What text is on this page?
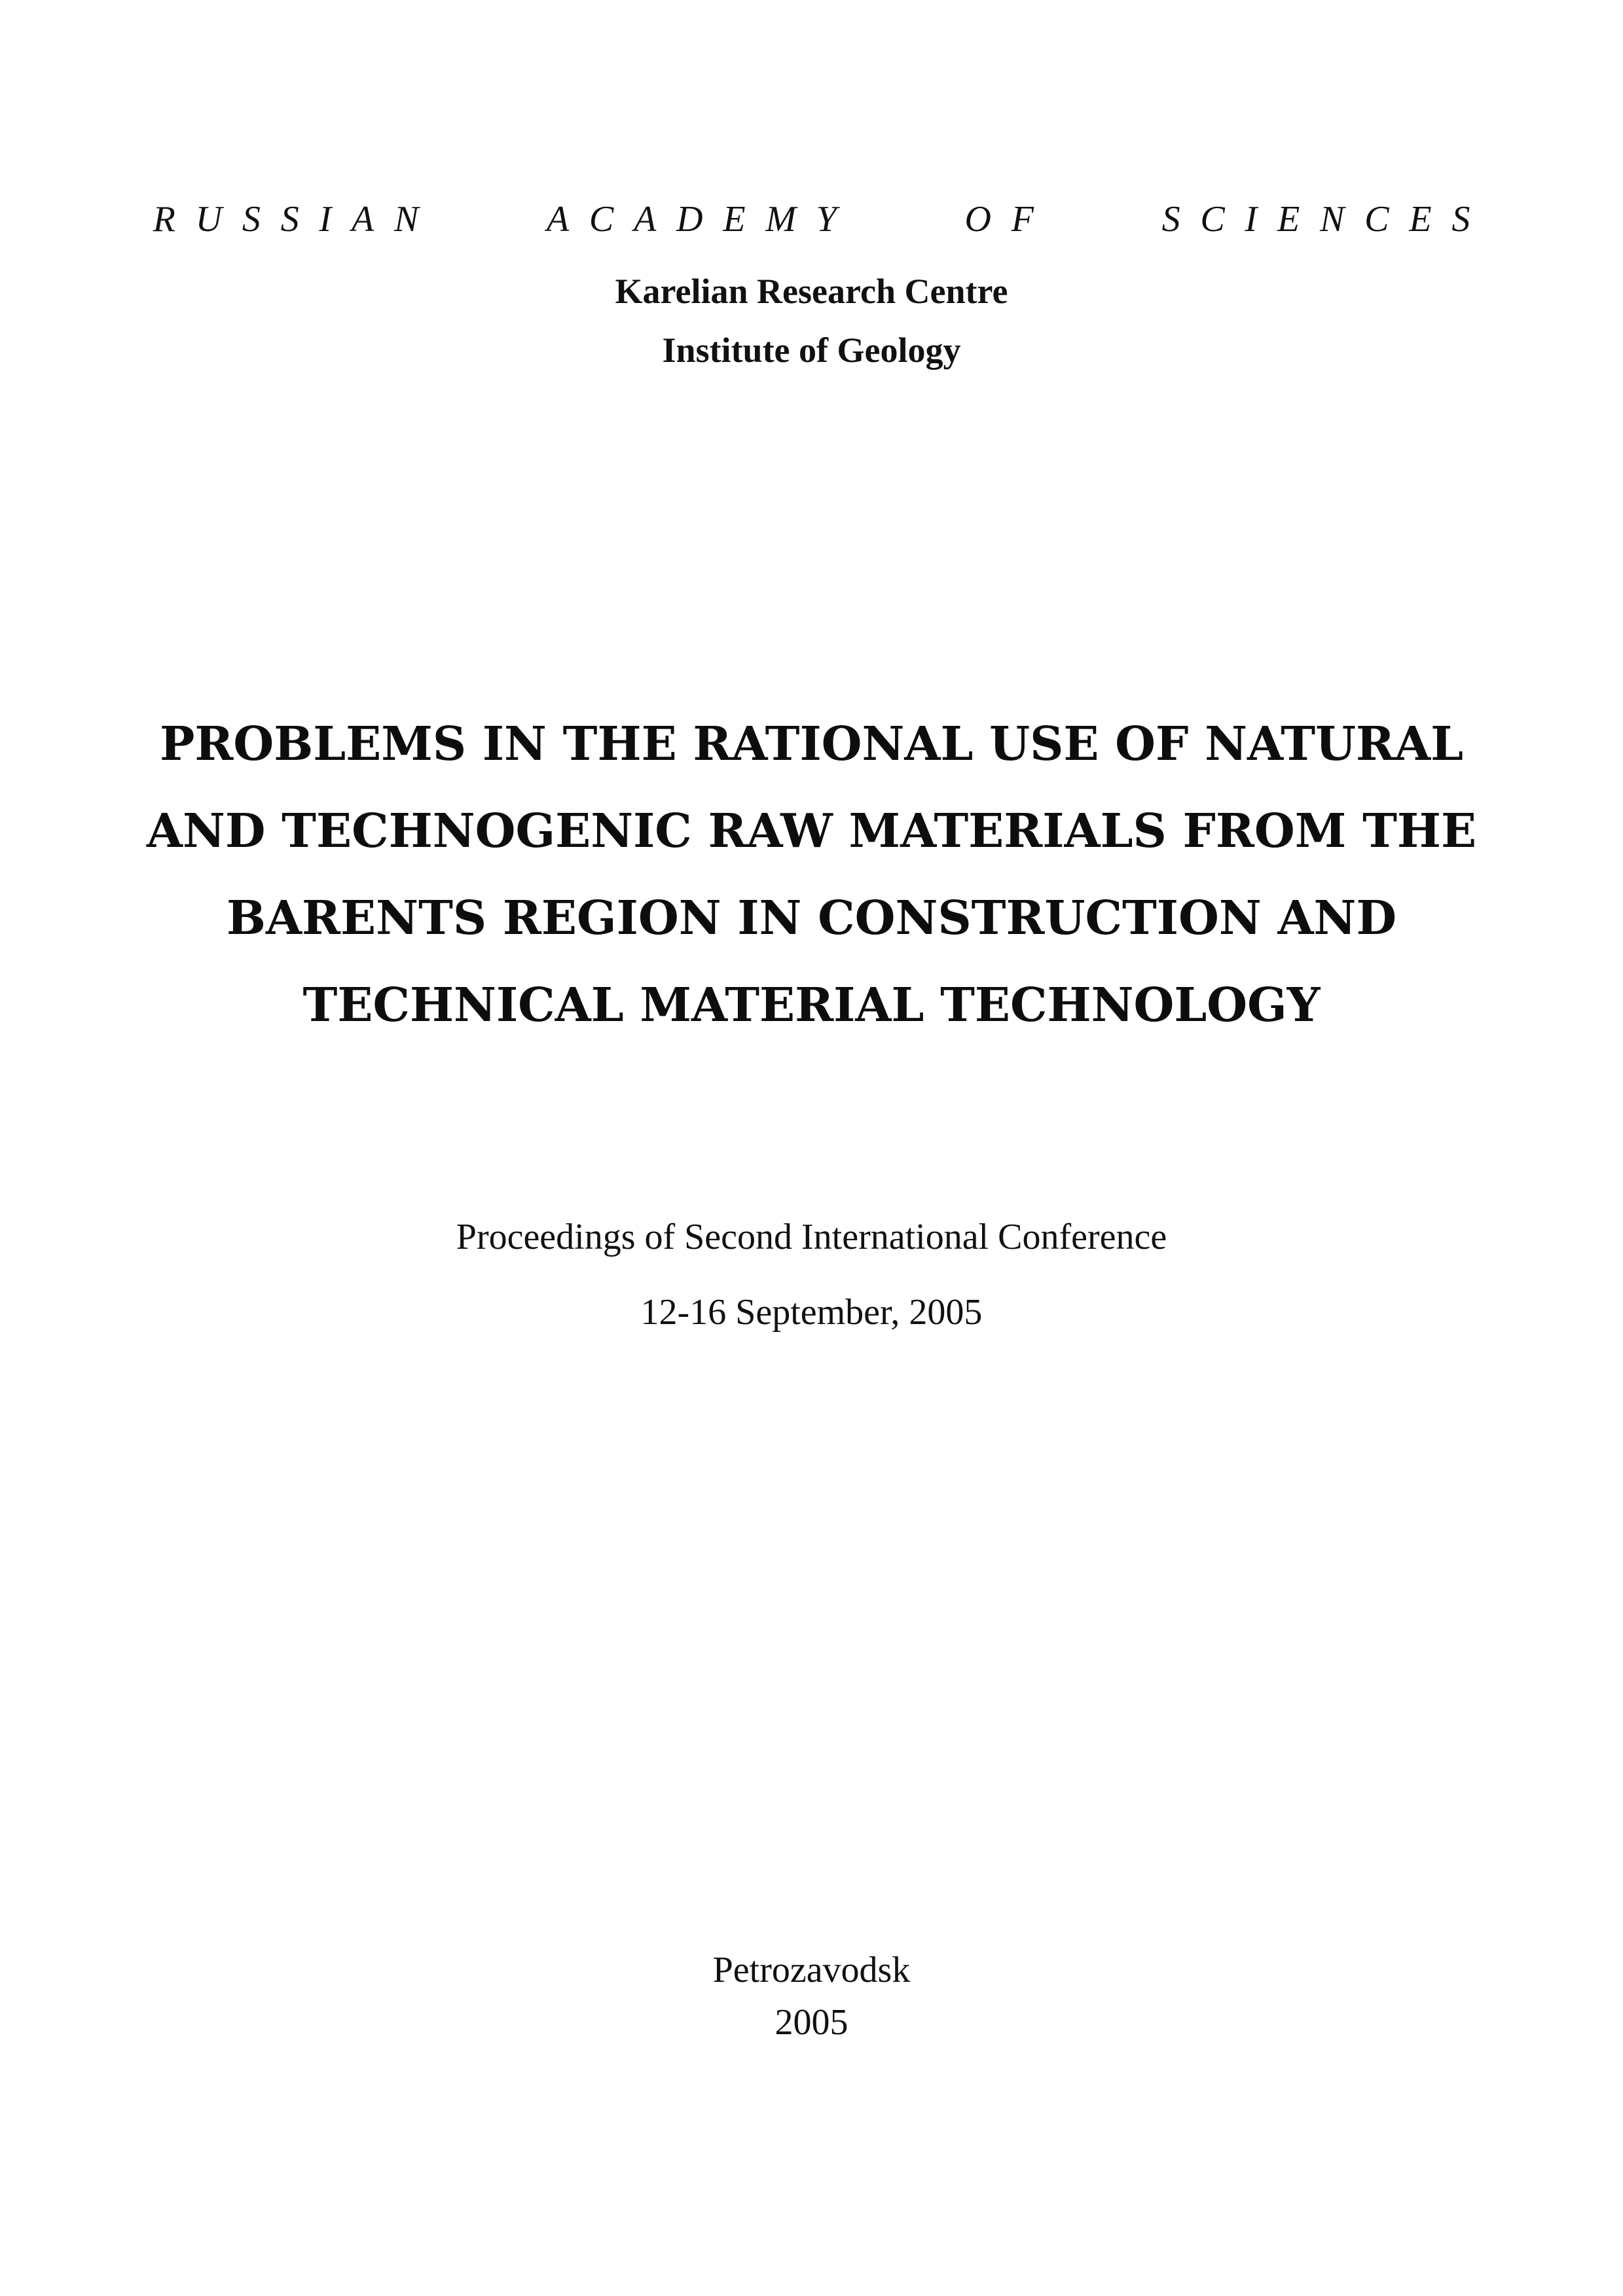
RUSSIAN	ACADEMY	OF	SCIENCES
Karelian Research Centre
Institute of Geology
PROBLEMS IN THE RATIONAL USE OF NATURAL
AND TECHNOGENIC RAW MATERIALS FROM THE
BARENTS REGION IN CONSTRUCTION AND
TECHNICAL MATERIAL TECHNOLOGY
Proceedings of Second International Conference
12-16 September, 2005
Petrozavodsk
2005
